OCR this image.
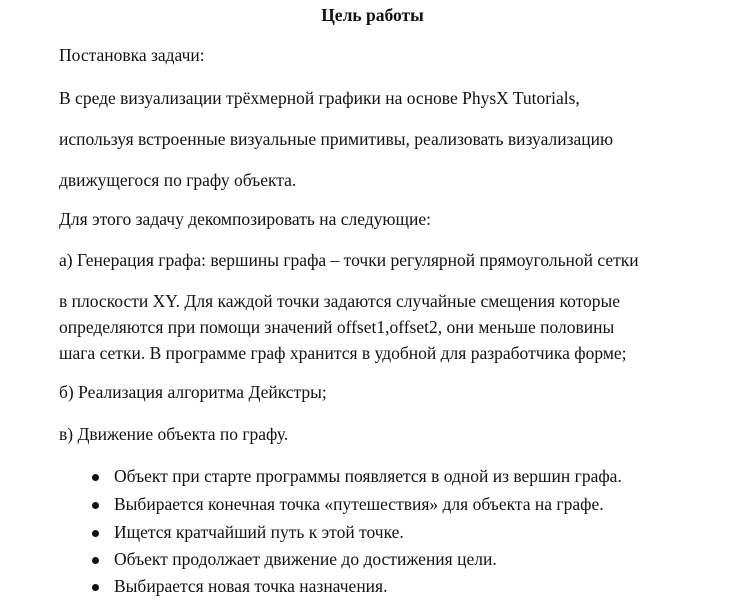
Цель работы
Постановка задачи:
В среде визуализации трёхмерной графики на основе PhysX Tutorials,
используя встроенные визуальные примитивы, реализовать визуализацию
движущегося по графу объекта.
Для этого задачу декомпозировать на следующие:
а) Генерация графа: вершины графа – точки регулярной прямоугольной сетки
в плоскости XY. Для каждой точки задаются случайные смещения которые
определяются при помощи значений offset1,offset2, они меньше половины
шага сетки. В программе граф хранится в удобной для разработчика форме;
б) Реализация алгоритма Дейкстры;
в) Движение объекта по графу.
Объект при старте программы появляется в одной из вершин графа.
Выбирается конечная точка «путешествия» для объекта на графе.
Ищется кратчайший путь к этой точке.
Объект продолжает движение до достижения цели.
Выбирается новая точка назначения.
